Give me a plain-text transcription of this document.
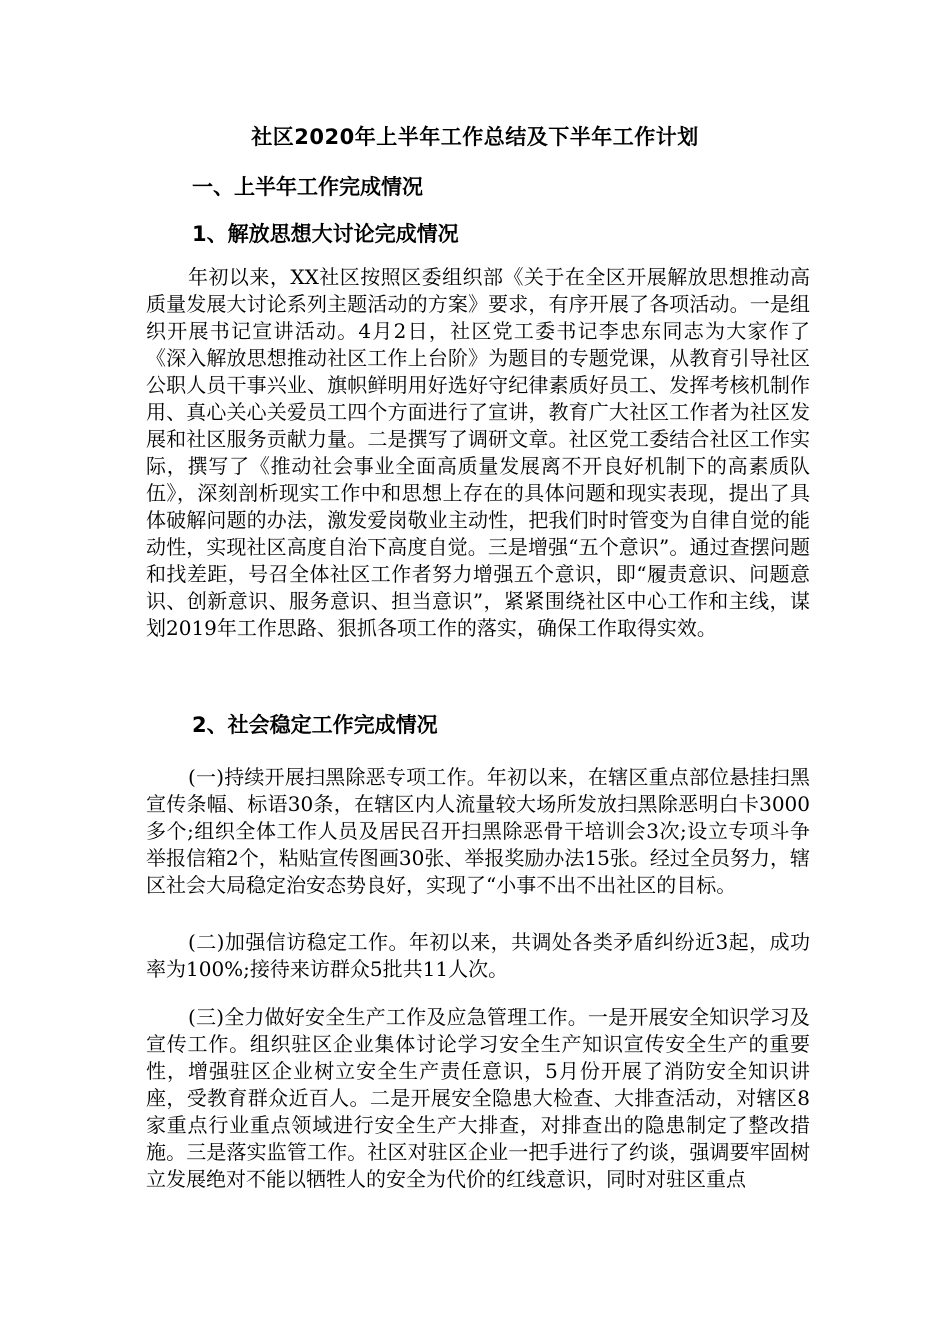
社区2020年上半年工作总结及下半年工作计划
一、上半年工作完成情况
1、解放思想大讨论完成情况

年初以来，XX社区按照区委组织部《关于在全区开展解放思想推动高质量发展大讨论系列主题活动的方案》要求，有序开展了各项活动。一是组织开展书记宣讲活动。4月2日，社区党工委书记李忠东同志为大家作了《深入解放思想推动社区工作上台阶》为题目的专题党课，从教育引导社区公职人员干事兴业、旗帜鲜明用好选好守纪律素质好员工、发挥考核机制作用、真心关心关爱员工四个方面进行了宣讲，教育广大社区工作者为社区发展和社区服务贡献力量。二是撰写了调研文章。社区党工委结合社区工作实际，撰写了《推动社会事业全面高质量发展离不开良好机制下的高素质队伍》，深刻剖析现实工作中和思想上存在的具体问题和现实表现，提出了具体破解问题的办法，激发爱岗敬业主动性，把我们时时管变为自律自觉的能动性，实现社区高度自治下高度自觉。三是增强“五个意识”。通过查摆问题和找差距，号召全体社区工作者努力增强五个意识，即“履责意识、问题意识、创新意识、服务意识、担当意识”，紧紧围绕社区中心工作和主线，谋划2019年工作思路、狠抓各项工作的落实，确保工作取得实效。

2、社会稳定工作完成情况

(一)持续开展扫黑除恶专项工作。年初以来，在辖区重点部位悬挂扫黑宣传条幅、标语30条，在辖区内人流量较大场所发放扫黑除恶明白卡3000多个;组织全体工作人员及居民召开扫黑除恶骨干培训会3次;设立专项斗争举报信箱2个，粘贴宣传图画30张、举报奖励办法15张。经过全员努力，辖区社会大局稳定治安态势良好，实现了“小事不出不出社区的目标。

(二)加强信访稳定工作。年初以来，共调处各类矛盾纠纷近3起，成功率为100%;接待来访群众5批共11人次。

(三)全力做好安全生产工作及应急管理工作。一是开展安全知识学习及宣传工作。组织驻区企业集体讨论学习安全生产知识宣传安全生产的重要性，增强驻区企业树立安全生产责任意识，5月份开展了消防安全知识讲座，受教育群众近百人。二是开展安全隐患大检查、大排查活动，对辖区8家重点行业重点领域进行安全生产大排查，对排查出的隐患制定了整改措施。三是落实监管工作。社区对驻区企业一把手进行了约谈，强调要牢固树立发展绝对不能以牺牲人的安全为代价的红线意识，同时对驻区重点
